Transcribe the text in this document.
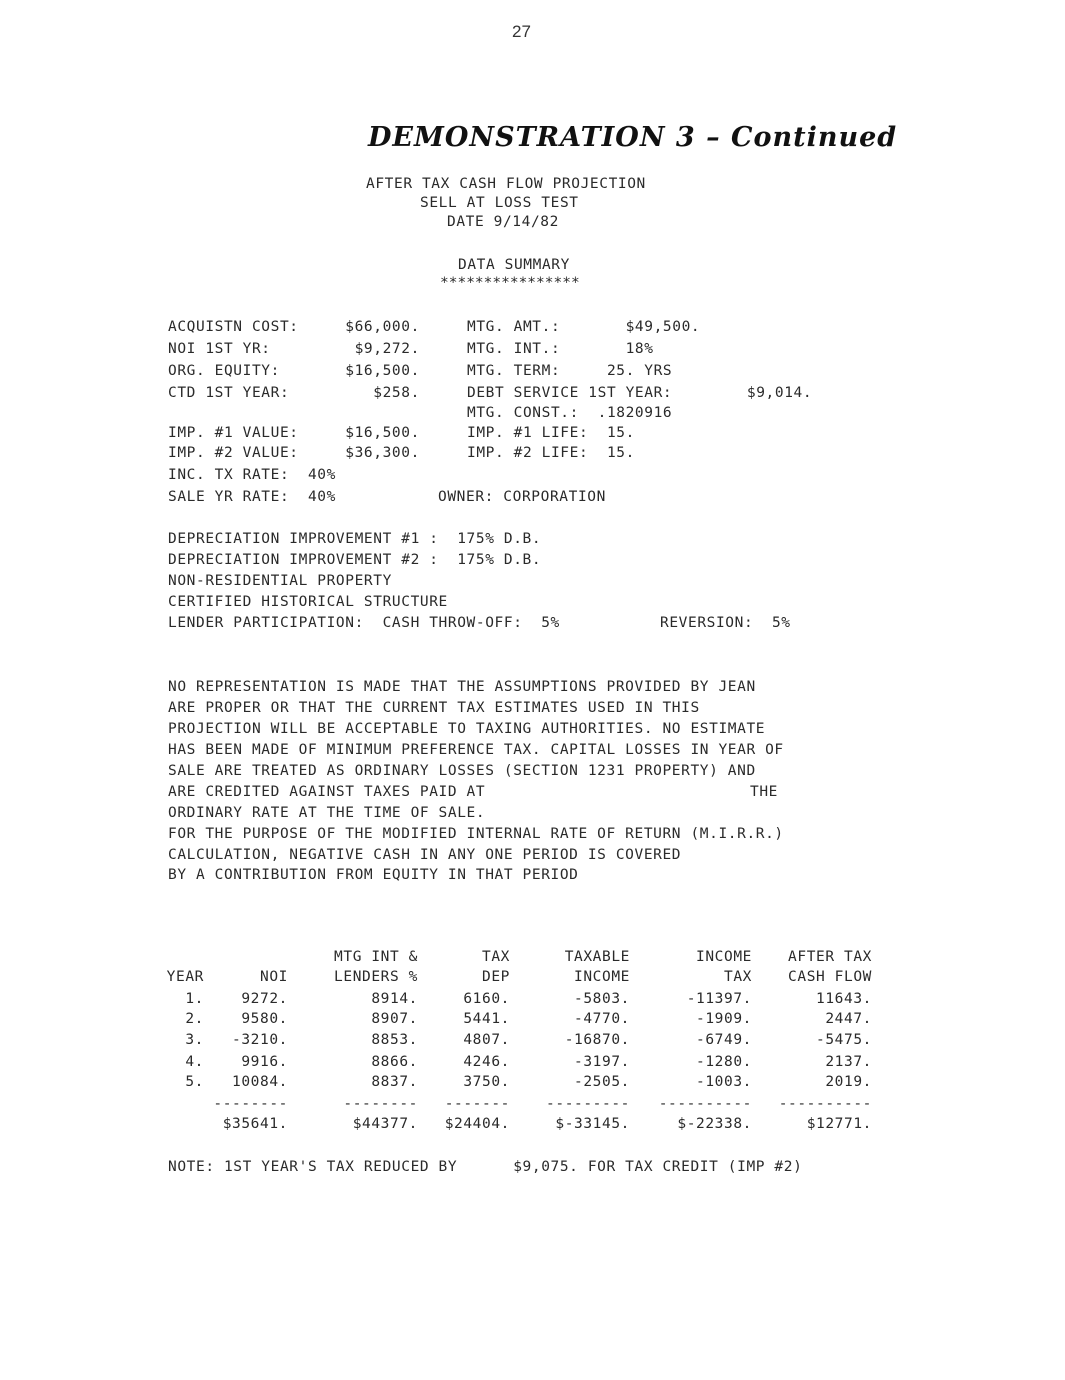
27
DEMONSTRATION 3 – Continued
AFTER TAX CASH FLOW PROJECTION
SELL AT LOSS TEST
DATE 9/14/82
DATA SUMMARY
****************
ACQUISTN COST:     $66,000.	MTG. AMT.:       $49,500.
NOI 1ST YR:         $9,272.	MTG. INT.:       18%
ORG. EQUITY:       $16,500.	MTG. TERM:     25. YRS
CTD 1ST YEAR:         $258.	DEBT SERVICE 1ST YEAR:        $9,014.
MTG. CONST.:  .1820916
IMP. #1 VALUE:     $16,500.	IMP. #1 LIFE:  15.
IMP. #2 VALUE:     $36,300.	IMP. #2 LIFE:  15.
INC. TX RATE:  40%
SALE YR RATE:  40%	OWNER: CORPORATION
DEPRECIATION IMPROVEMENT #1 :  175% D.B.
DEPRECIATION IMPROVEMENT #2 :  175% D.B.
NON-RESIDENTIAL PROPERTY
CERTIFIED HISTORICAL STRUCTURE
LENDER PARTICIPATION:  CASH THROW-OFF:  5%	REVERSION:  5%
NO REPRESENTATION IS MADE THAT THE ASSUMPTIONS PROVIDED BY JEAN
ARE PROPER OR THAT THE CURRENT TAX ESTIMATES USED IN THIS
PROJECTION WILL BE ACCEPTABLE TO TAXING AUTHORITIES. NO ESTIMATE
HAS BEEN MADE OF MINIMUM PREFERENCE TAX. CAPITAL LOSSES IN YEAR OF
SALE ARE TREATED AS ORDINARY LOSSES (SECTION 1231 PROPERTY) AND
ARE CREDITED AGAINST TAXES PAID AT	THE
ORDINARY RATE AT THE TIME OF SALE.
FOR THE PURPOSE OF THE MODIFIED INTERNAL RATE OF RETURN (M.I.R.R.)
CALCULATION, NEGATIVE CASH IN ANY ONE PERIOD IS COVERED
BY A CONTRIBUTION FROM EQUITY IN THAT PERIOD
MTG INT &	TAX	TAXABLE	INCOME	AFTER TAX
YEAR	NOI	LENDERS %	DEP	INCOME	TAX	CASH FLOW
1.	9272.	8914.	6160.	-5803.	-11397.	11643.
2.	9580.	8907.	5441.	-4770.	-1909.	2447.
3.	-3210.	8853.	4807.	-16870.	-6749.	-5475.
4.	9916.	8866.	4246.	-3197.	-1280.	2137.
5.	10084.	8837.	3750.	-2505.	-1003.	2019.
--------	--------	-------	---------	----------	----------
$35641.	$44377.	$24404.	$-33145.	$-22338.	$12771.
NOTE: 1ST YEAR'S TAX REDUCED BY      $9,075. FOR TAX CREDIT (IMP #2)
